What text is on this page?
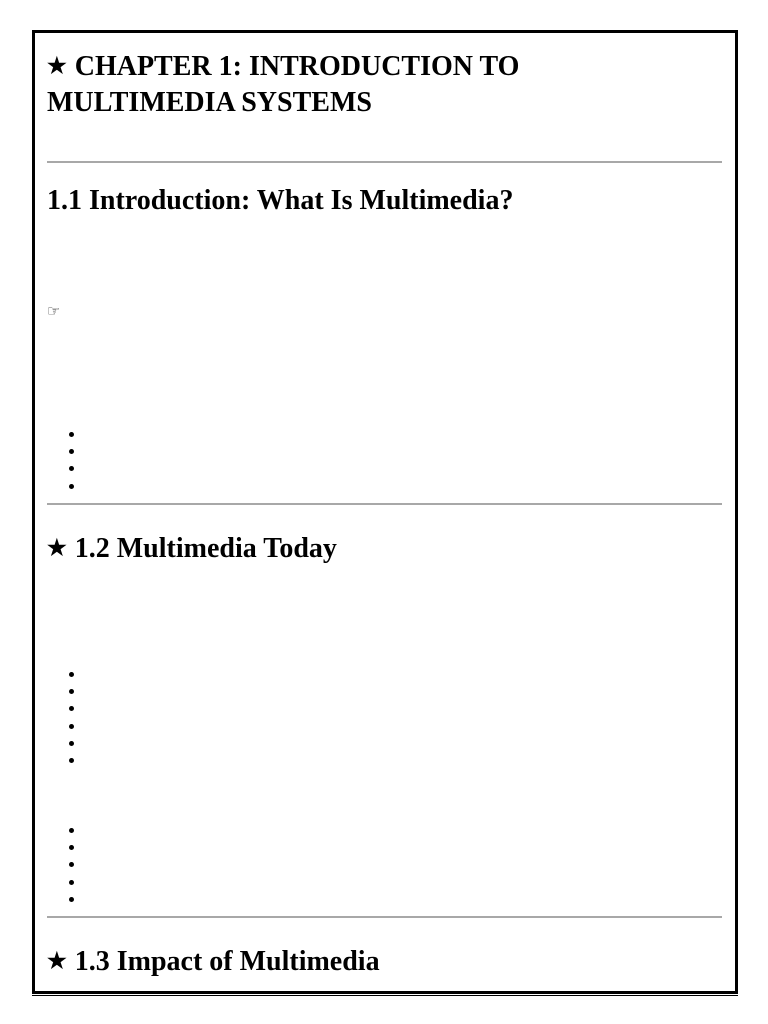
★ CHAPTER 1: INTRODUCTION TO MULTIMEDIA SYSTEMS
1.1 Introduction: What Is Multimedia?
☞
★ 1.2 Multimedia Today
★ 1.3 Impact of Multimedia
